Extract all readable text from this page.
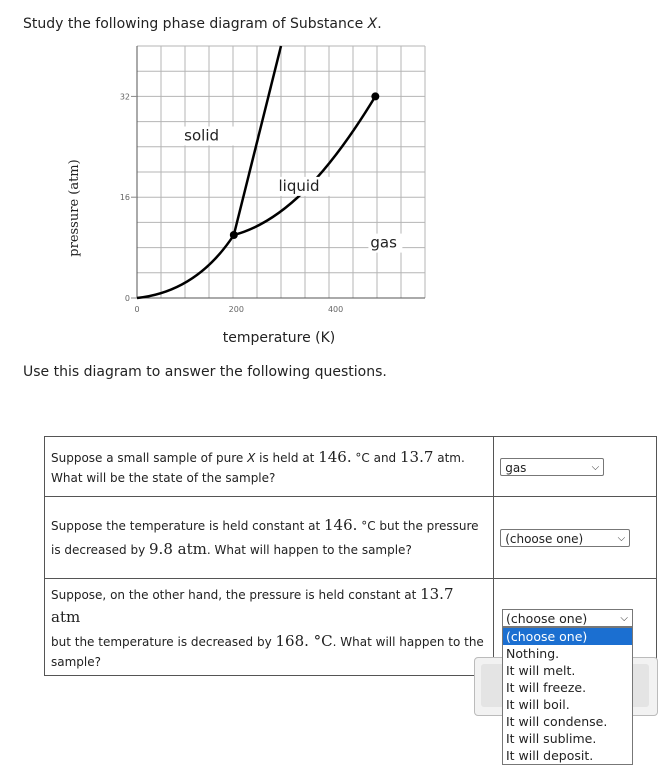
Study the following phase diagram of Substance X.
solid
liquid
gas
0	200	400
0
16
32
temperature (K)
pressure (atm)
Use this diagram to answer the following questions.
Suppose a small sample of pure X is held at 146. °C and 13.7 atm.
What will be the state of the sample?	gas ⌵

Suppose the temperature is held constant at 146. °C but the pressure
is decreased by 9.8 atm. What will happen to the sample?	(choose one) ⌵

Suppose, on the other hand, the pressure is held constant at 13.7 atm
but the temperature is decreased by 168. °C. What will happen to the
sample?	
(choose one)	⌵
(choose one)
Nothing.
It will melt.
It will freeze.
It will boil.
It will condense.
It will sublime.
It will deposit.
